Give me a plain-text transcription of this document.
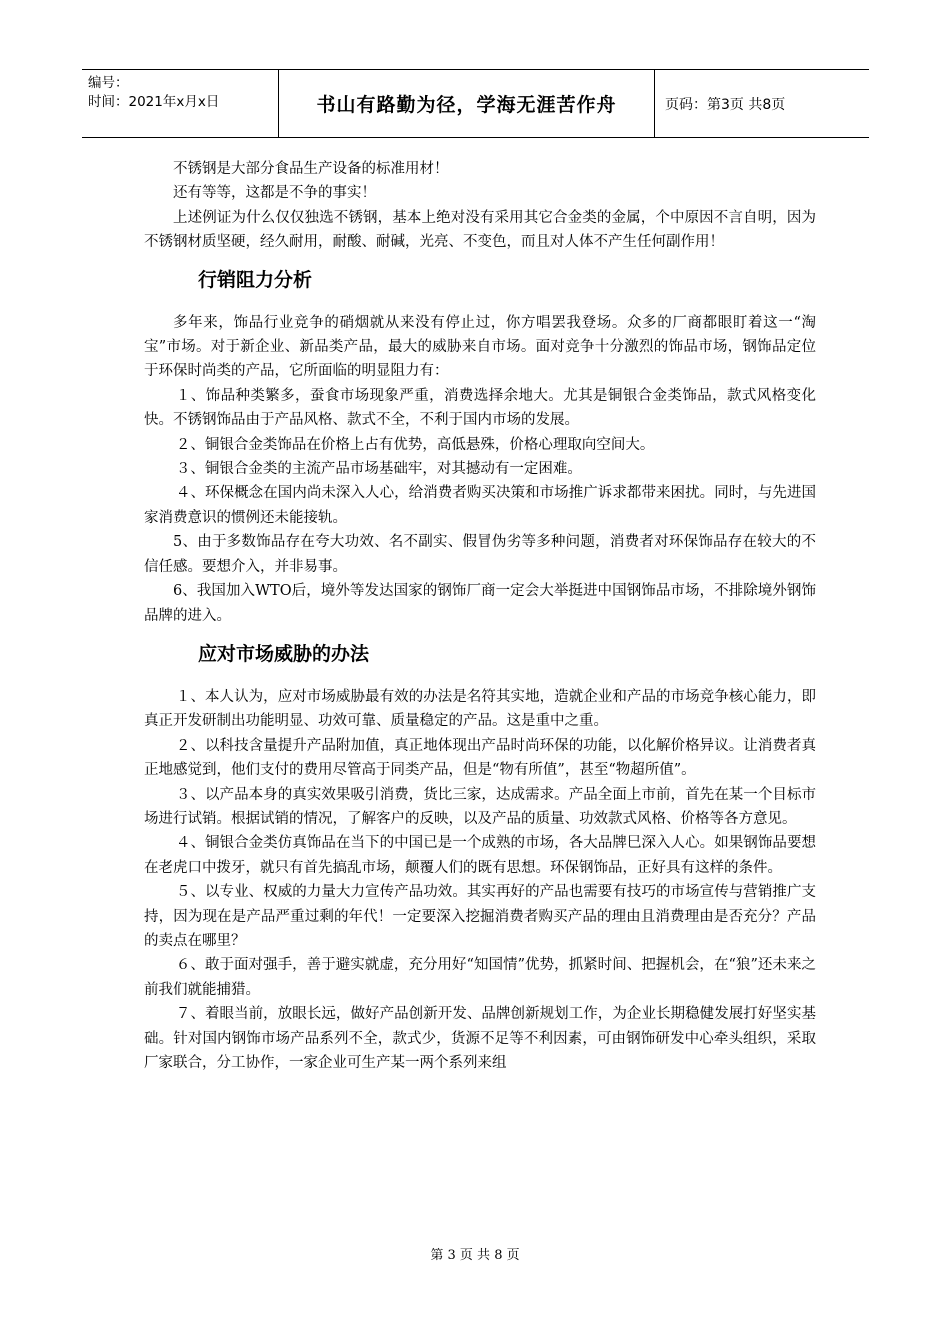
编号：
时间：2021年x月x日	书山有路勤为径，学海无涯苦作舟	页码：第3页 共8页

不锈钢是大部分食品生产设备的标准用材！

还有等等，这都是不争的事实！

上述例证为什么仅仅独选不锈钢，基本上绝对没有采用其它合金类的金属，个中原因不言自明，因为不锈钢材质坚硬，经久耐用，耐酸、耐碱，光亮、不变色，而且对人体不产生任何副作用！

行销阻力分析

多年来，饰品行业竞争的硝烟就从来没有停止过，你方唱罢我登场。众多的厂商都眼盯着这一“淘宝”市场。对于新企业、新品类产品，最大的威胁来自市场。面对竞争十分激烈的饰品市场，钢饰品定位于环保时尚类的产品，它所面临的明显阻力有：

１、饰品种类繁多，蚕食市场现象严重，消费选择余地大。尤其是铜银合金类饰品，款式风格变化快。不锈钢饰品由于产品风格、款式不全，不利于国内市场的发展。

２、铜银合金类饰品在价格上占有优势，高低悬殊，价格心理取向空间大。

３、铜银合金类的主流产品市场基础牢，对其撼动有一定困难。

４、环保概念在国内尚未深入人心，给消费者购买决策和市场推广诉求都带来困扰。同时，与先进国家消费意识的惯例还未能接轨。

5、由于多数饰品存在夸大功效、名不副实、假冒伪劣等多种问题，消费者对环保饰品存在较大的不信任感。要想介入，并非易事。

6、我国加入WTO后，境外等发达国家的钢饰厂商一定会大举挺进中国钢饰品市场，不排除境外钢饰品牌的进入。

应对市场威胁的办法

１、本人认为，应对市场威胁最有效的办法是名符其实地，造就企业和产品的市场竞争核心能力，即真正开发研制出功能明显、功效可靠、质量稳定的产品。这是重中之重。

２、以科技含量提升产品附加值，真正地体现出产品时尚环保的功能，以化解价格异议。让消费者真正地感觉到，他们支付的费用尽管高于同类产品，但是“物有所值”，甚至“物超所值”。

３、以产品本身的真实效果吸引消费，货比三家，达成需求。产品全面上市前，首先在某一个目标市场进行试销。根据试销的情况，了解客户的反映，以及产品的质量、功效款式风格、价格等各方意见。

４、铜银合金类仿真饰品在当下的中国已是一个成熟的市场，各大品牌巳深入人心。如果钢饰品要想在老虎口中拨牙，就只有首先搞乱市场，颠覆人们的既有思想。环保钢饰品，正好具有这样的条件。

５、以专业、权威的力量大力宣传产品功效。其实再好的产品也需要有技巧的市场宣传与营销推广支持，因为现在是产品严重过剩的年代！一定要深入挖掘消费者购买产品的理由且消费理由是否充分？产品的卖点在哪里？

６、敢于面对强手，善于避实就虚，充分用好“知国情”优势，抓紧时间、把握机会，在“狼”还未来之前我们就能捕猎。

７、着眼当前，放眼长远，做好产品创新开发、品牌创新规划工作，为企业长期稳健发展打好坚实基础。针对国内钢饰市场产品系列不全，款式少，货源不足等不利因素，可由钢饰研发中心牵头组织，采取厂家联合，分工协作，一家企业可生产某一两个系列来组

第 3 页 共 8 页
